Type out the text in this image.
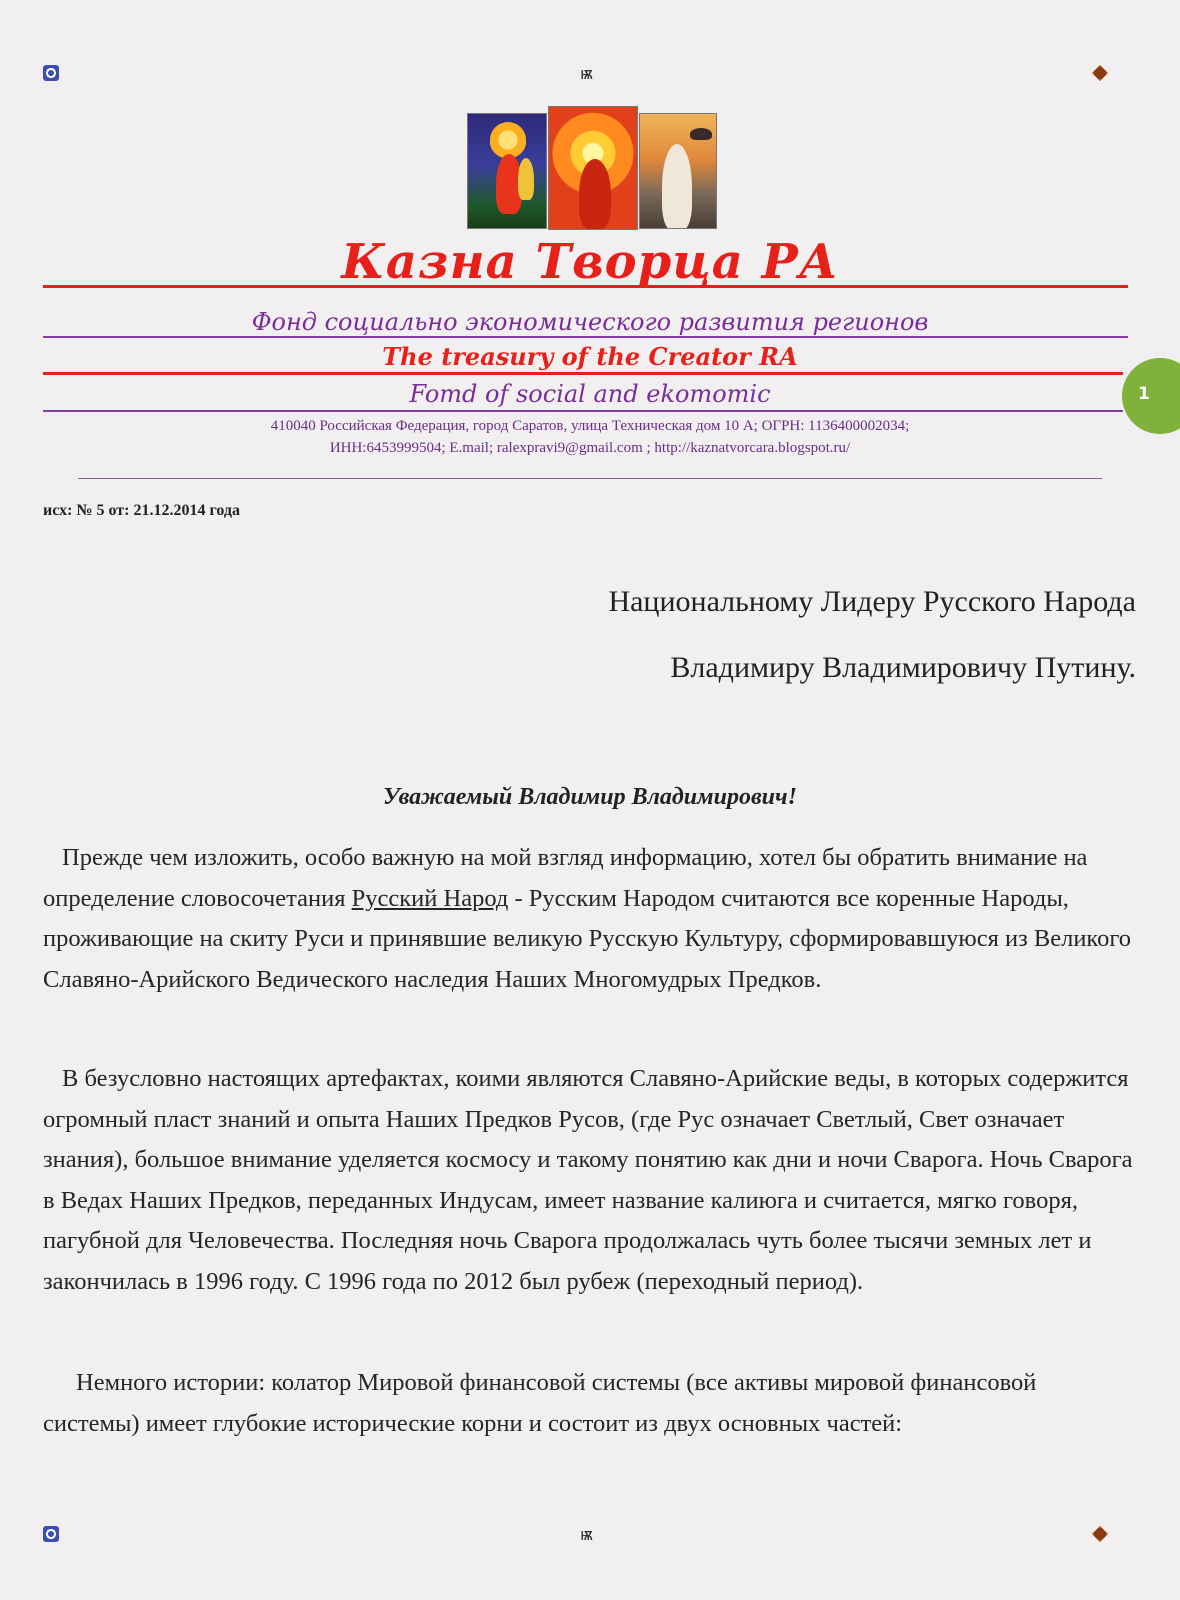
ѭ
ѭ
Казна Творца РА
Фонд социально экономического развития регионов
The treasury of the Creator RA
Fomd of social and ekomomic
410040 Российская Федерация, город Саратов, улица Техническая дом 10 А; ОГРН: 1136400002034;
ИНН:6453999504; E.mail; ralexpravi9@gmail.com ; http://kaznatvorcara.blogspot.ru/
1
исх: № 5 от: 21.12.2014 года
Национальному Лидеру Русского Народа
Владимиру Владимировичу Путину.
Уважаемый Владимир Владимирович!

Прежде чем изложить, особо важную на мой взгляд информацию, хотел бы обратить внимание на определение словосочетания Русский Народ - Русским Народом считаются все коренные Народы, проживающие на скиту Руси и принявшие великую Русскую Культуру, сформировавшуюся из Великого Славяно-Арийского Ведического наследия Наших Многомудрых Предков.

В безусловно настоящих артефактах, коими являются Славяно-Арийские веды, в которых содержится огромный пласт знаний и опыта Наших Предков Русов, (где Рус означает Светлый, Свет означает знания), большое внимание уделяется космосу и такому понятию как дни и ночи Сварога. Ночь Сварога в Ведах Наших Предков, переданных Индусам, имеет название калиюга и считается, мягко говоря, пагубной для Человечества. Последняя ночь Сварога продолжалась чуть более тысячи земных лет и закончилась в 1996 году. С 1996 года по 2012 был рубеж (переходный период).

Немного истории: колатор Мировой финансовой системы (все активы мировой финансовой системы) имеет глубокие исторические корни и состоит из двух основных частей:
